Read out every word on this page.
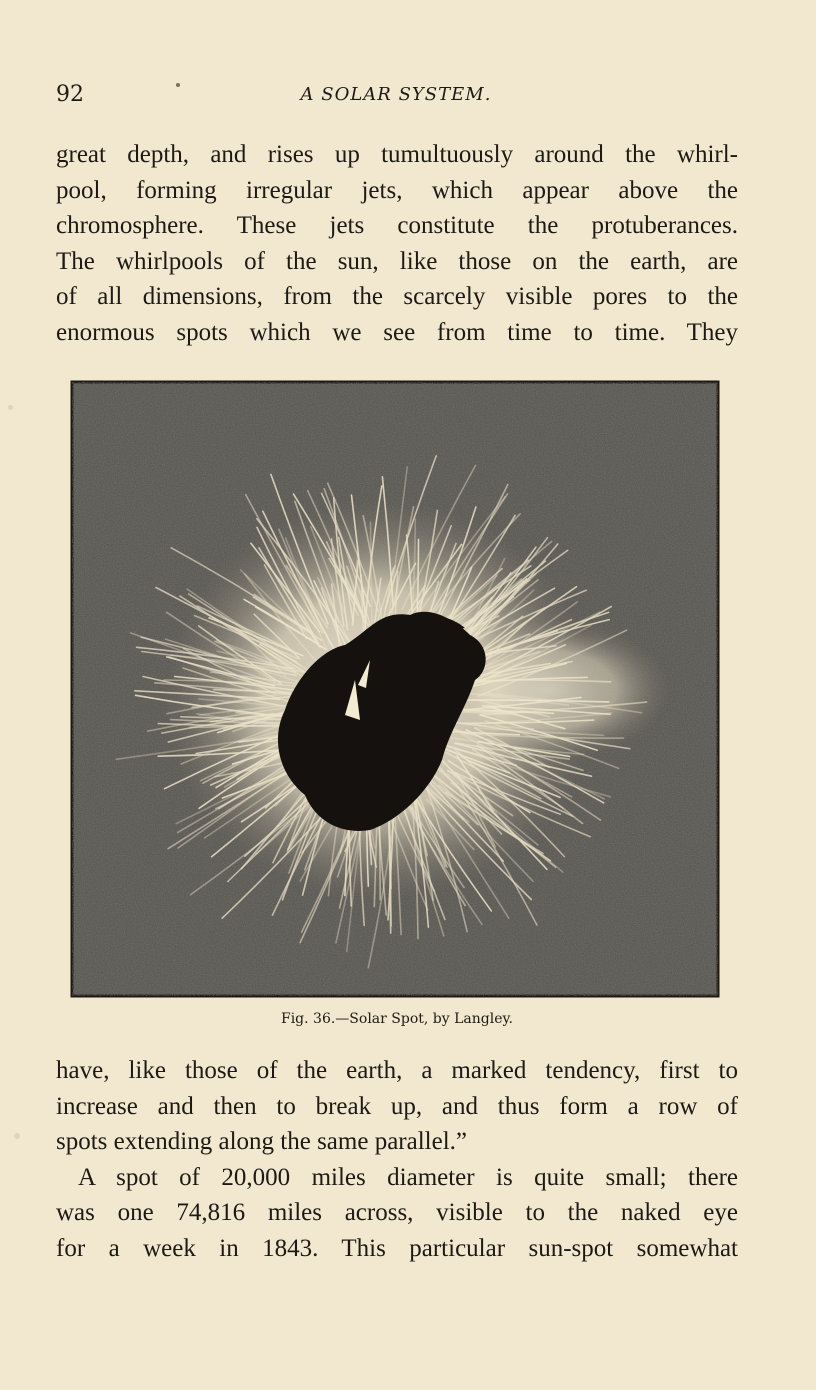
92	A SOLAR SYSTEM.

great depth, and rises up tumultuously around the whirl-
pool, forming irregular jets, which appear above the
chromosphere. These jets constitute the protuberances.
The whirlpools of the sun, like those on the earth, are
of all dimensions, from the scarcely visible pores to the
enormous spots which we see from time to time. They

Fig. 36.—Solar Spot, by Langley.

have, like those of the earth, a marked tendency, first to
increase and then to break up, and thus form a row of
spots extending along the same parallel.”
A spot of 20,000 miles diameter is quite small; there
was one 74,816 miles across, visible to the naked eye
for a week in 1843. This particular sun-spot somewhat
